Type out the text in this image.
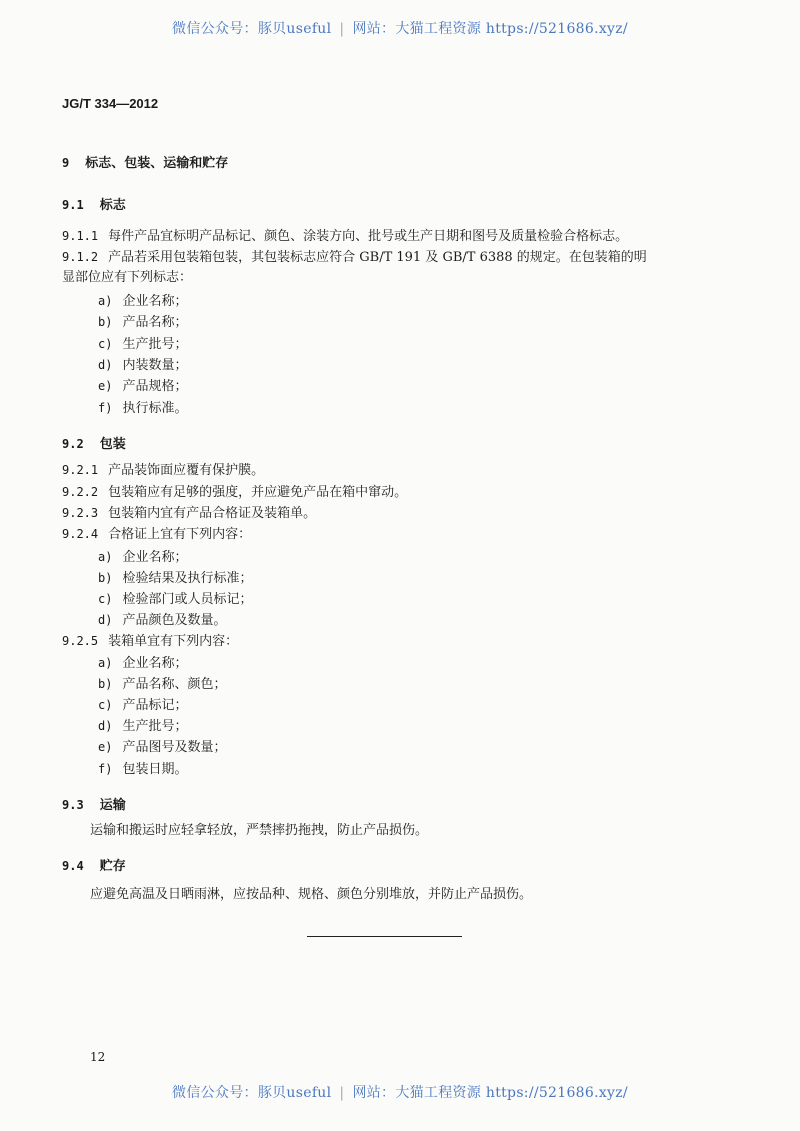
微信公众号：豚贝useful | 网站：大猫工程资源 https://521686.xyz/
JG/T 334—2012
9 标志、包装、运输和贮存
9.1 标志
9.1.1 每件产品宜标明产品标记、颜色、涂装方向、批号或生产日期和图号及质量检验合格标志。
9.1.2 产品若采用包装箱包装，其包装标志应符合 GB/T 191 及 GB/T 6388 的规定。在包装箱的明
显部位应有下列标志：
a) 企业名称；
b) 产品名称；
c) 生产批号；
d) 内装数量；
e) 产品规格；
f) 执行标准。
9.2 包装
9.2.1 产品装饰面应覆有保护膜。
9.2.2 包装箱应有足够的强度，并应避免产品在箱中窜动。
9.2.3 包装箱内宜有产品合格证及装箱单。
9.2.4 合格证上宜有下列内容：
a) 企业名称；
b) 检验结果及执行标准；
c) 检验部门或人员标记；
d) 产品颜色及数量。
9.2.5 装箱单宜有下列内容：
a) 企业名称；
b) 产品名称、颜色；
c) 产品标记；
d) 生产批号；
e) 产品图号及数量；
f) 包装日期。
9.3 运输
运输和搬运时应轻拿轻放，严禁摔扔拖拽，防止产品损伤。
9.4 贮存
应避免高温及日晒雨淋，应按品种、规格、颜色分别堆放，并防止产品损伤。
12
微信公众号：豚贝useful | 网站：大猫工程资源 https://521686.xyz/
